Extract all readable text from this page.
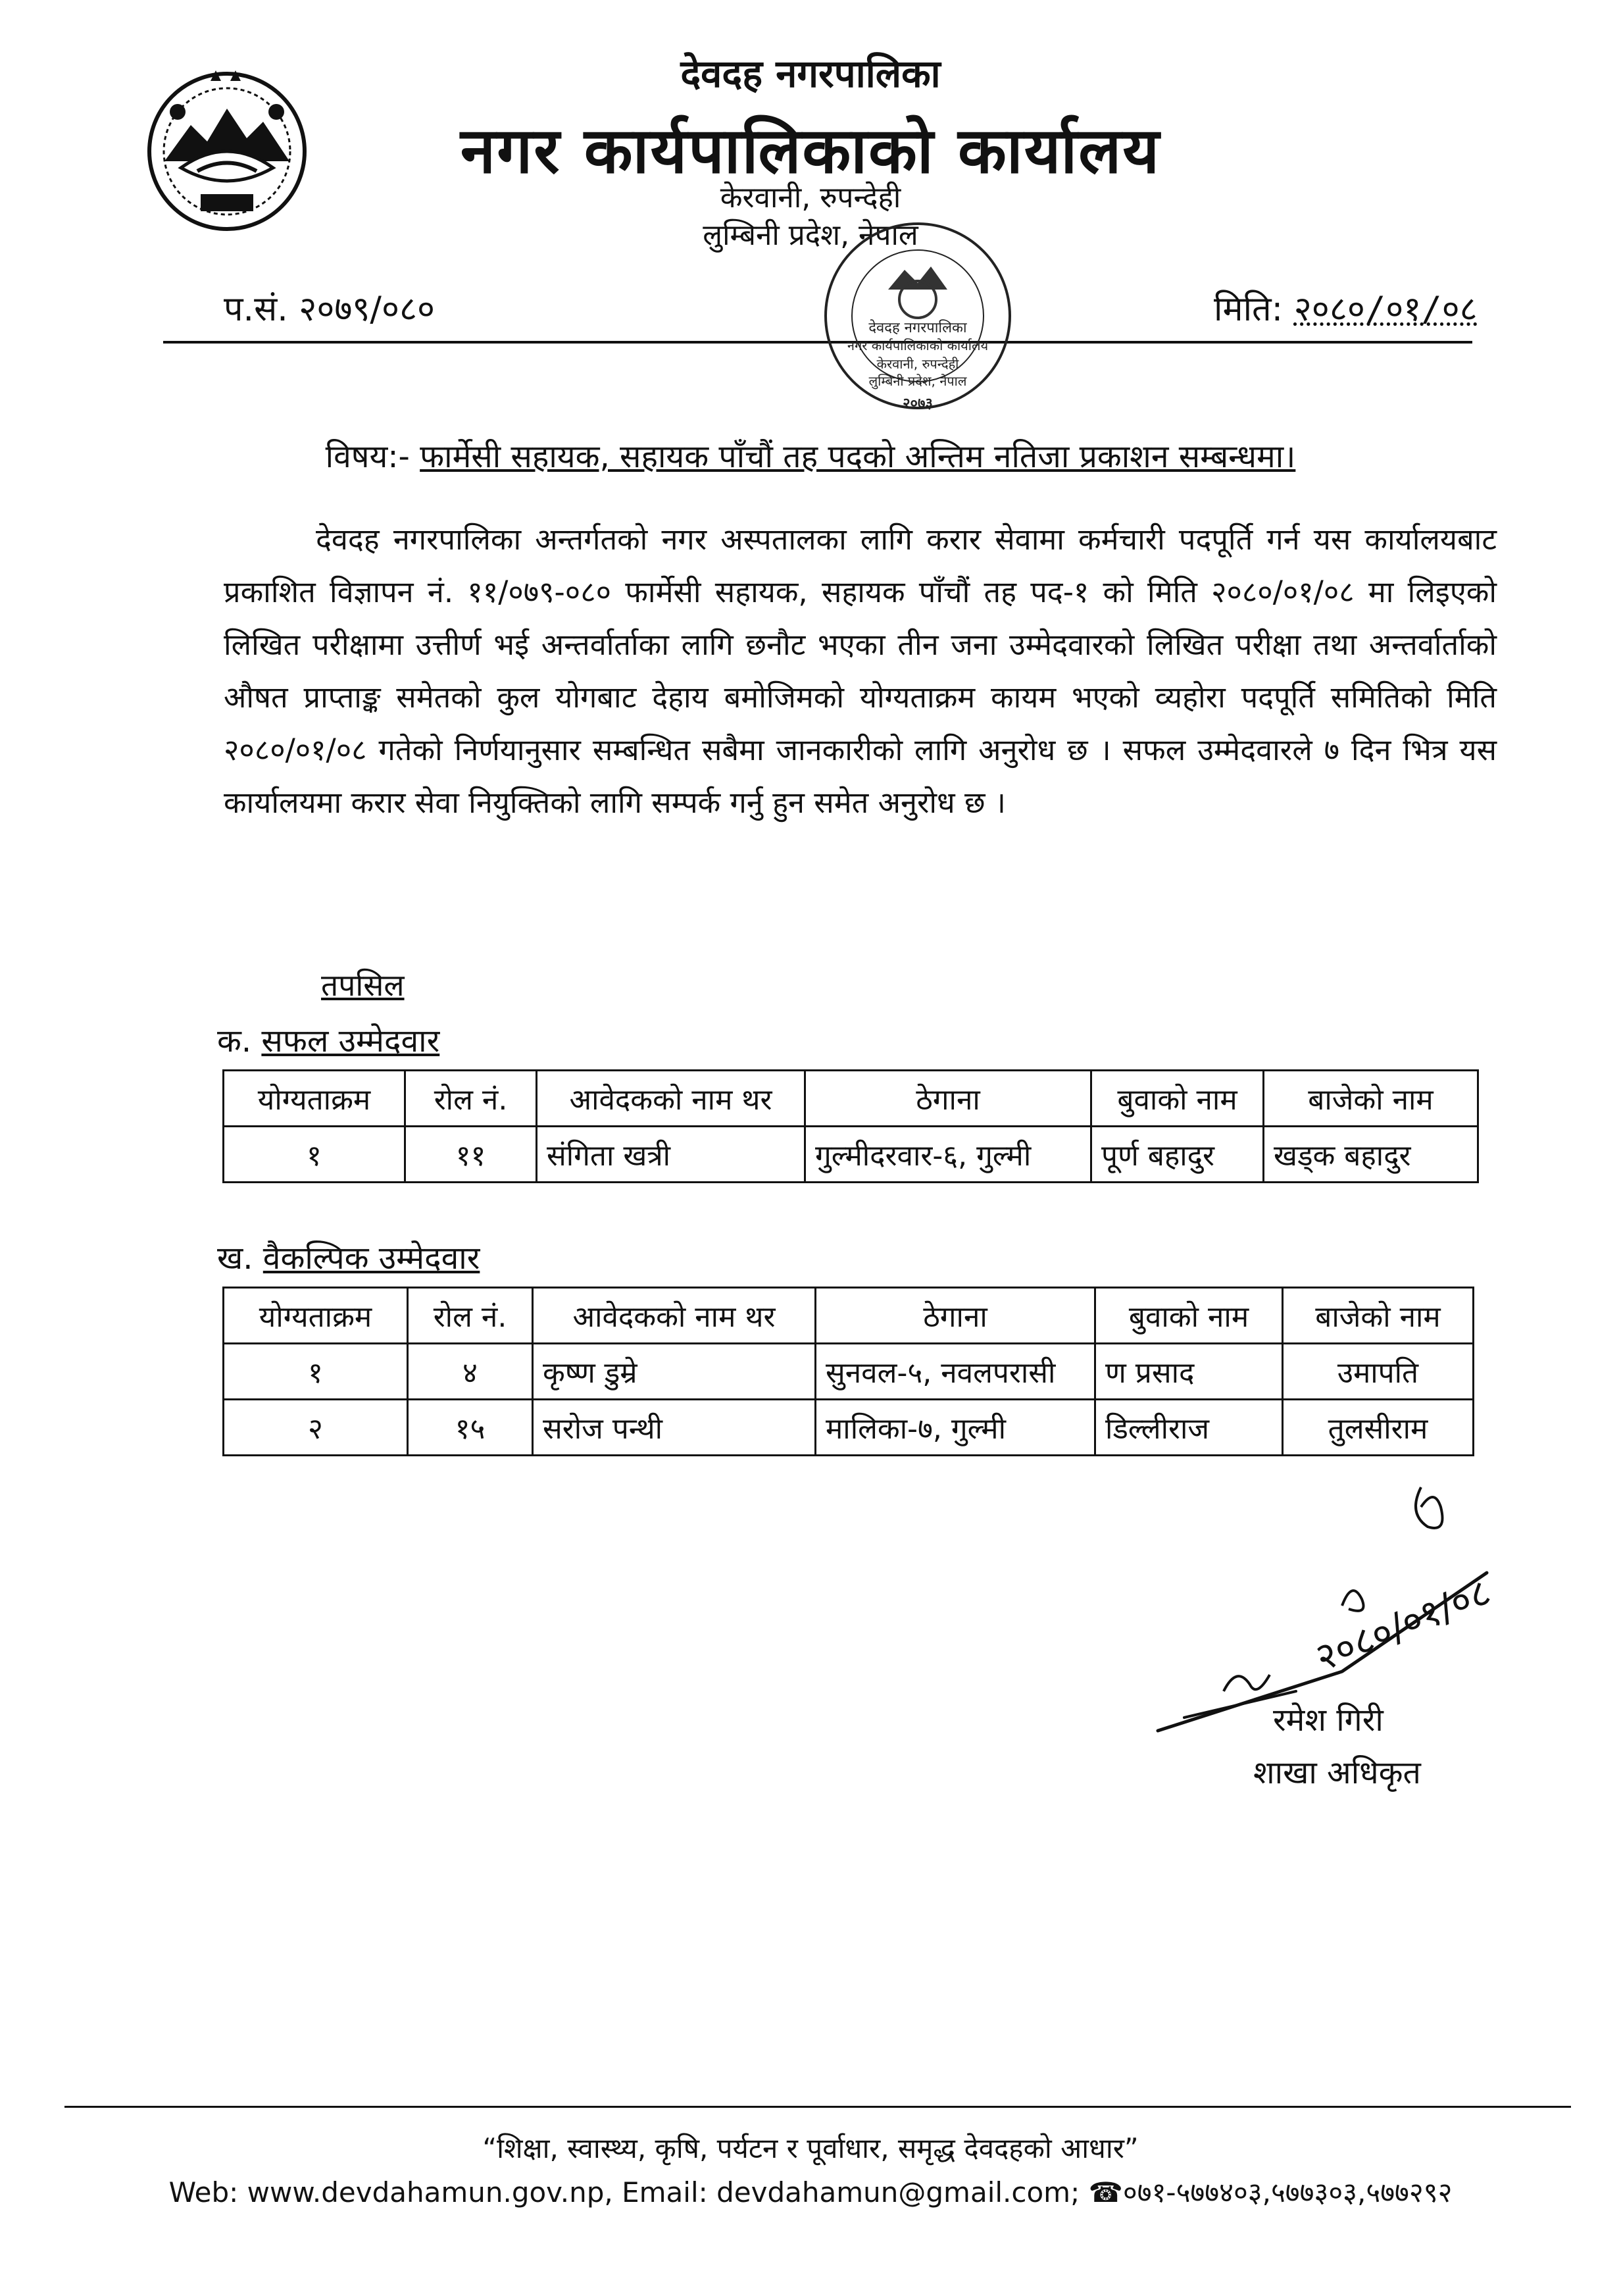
देवदह नगरपालिका
नगर कार्यपालिकाको कार्यालय
केरवानी, रुपन्देही
लुम्बिनी प्रदेश, नेपाल
प.सं. २०७९/०८०	मिति: २०८०/०१/०८
देवदह नगरपालिका
नगर कार्यपालिकाको कार्यालय
केरवानी, रुपन्देही
लुम्बिनी प्रदेश, नेपाल
२०७३
विषय:- फार्मेसी सहायक, सहायक पाँचौं तह पदको अन्तिम नतिजा प्रकाशन सम्बन्धमा।
देवदह नगरपालिका अन्तर्गतको नगर अस्पतालका लागि करार सेवामा कर्मचारी पदपूर्ति गर्न यस कार्यालयबाट प्रकाशित विज्ञापन नं. ११/०७९-०८० फार्मेसी सहायक, सहायक पाँचौं तह पद-१ को मिति २०८०/०१/०८ मा लिइएको लिखित परीक्षामा उत्तीर्ण भई अन्तर्वार्ताका लागि छनौट भएका तीन जना उम्मेदवारको लिखित परीक्षा तथा अन्तर्वार्ताको औषत प्राप्ताङ्क समेतको कुल योगबाट देहाय बमोजिमको योग्यताक्रम कायम भएको व्यहोरा पदपूर्ति समितिको मिति २०८०/०१/०८ गतेको निर्णयानुसार सम्बन्धित सबैमा जानकारीको लागि अनुरोध छ । सफल उम्मेदवारले ७ दिन भित्र यस कार्यालयमा करार सेवा नियुक्तिको लागि सम्पर्क गर्नु हुन समेत अनुरोध छ ।
तपसिल
क. सफल उम्मेदवार
योग्यताक्रम	रोल नं.	आवेदकको नाम थर	ठेगाना	बुवाको नाम	बाजेको नाम
१	११	संगिता खत्री	गुल्मीदरवार-६, गुल्मी	पूर्ण बहादुर	खड्क बहादुर
ख. वैकल्पिक उम्मेदवार
योग्यताक्रम	रोल नं.	आवेदकको नाम थर	ठेगाना	बुवाको नाम	बाजेको नाम
१	४	कृष्ण डुम्रे	सुनवल-५, नवलपरासी	ण प्रसाद	उमापति
२	१५	सरोज पन्थी	मालिका-७, गुल्मी	डिल्लीराज	तुलसीराम
२०८०/०१/०८
रमेश गिरी
शाखा अधिकृत
“शिक्षा, स्वास्थ्य, कृषि, पर्यटन र पूर्वाधार, समृद्ध देवदहको आधार”
Web: www.devdahamun.gov.np, Email: devdahamun@gmail.com; ☎०७१-५७७४०३,५७७३०३,५७७२९२
